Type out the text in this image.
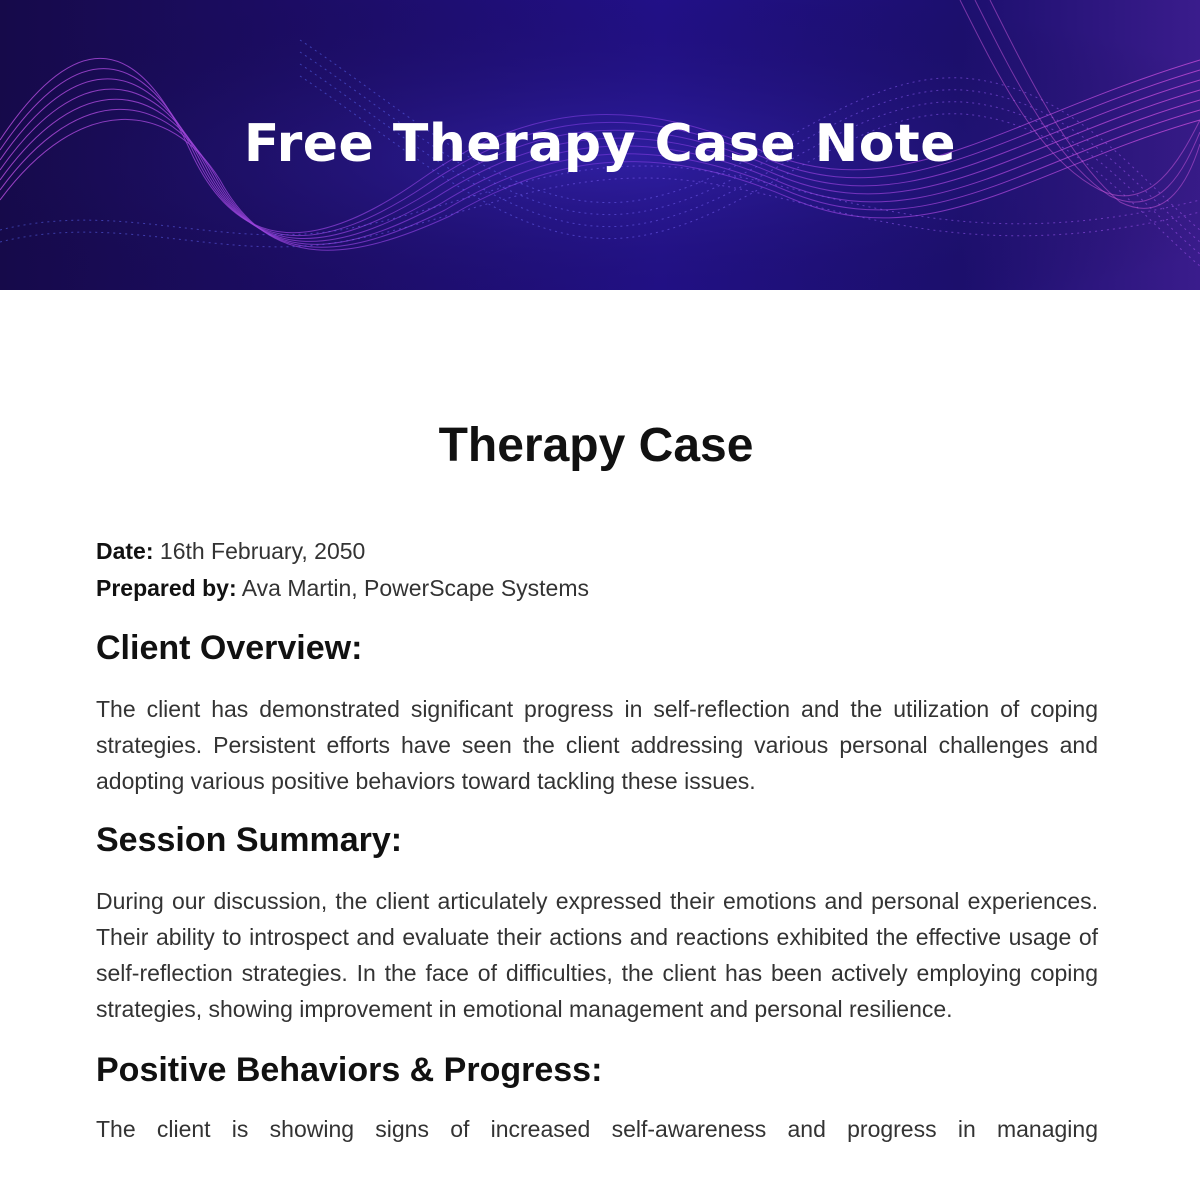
Free Therapy Case Note
Therapy Case

Date: 16th February, 2050

Prepared by: Ava Martin, PowerScape Systems

Client Overview:

The client has demonstrated significant progress in self-reflection and the utilization of coping strategies. Persistent efforts have seen the client addressing various personal challenges and adopting various positive behaviors toward tackling these issues.

Session Summary:

During our discussion, the client articulately expressed their emotions and personal experiences. Their ability to introspect and evaluate their actions and reactions exhibited the effective usage of self-reflection strategies. In the face of difficulties, the client has been actively employing coping strategies, showing improvement in emotional management and personal resilience.

Positive Behaviors & Progress:

The client is showing signs of increased self-awareness and progress in managing
